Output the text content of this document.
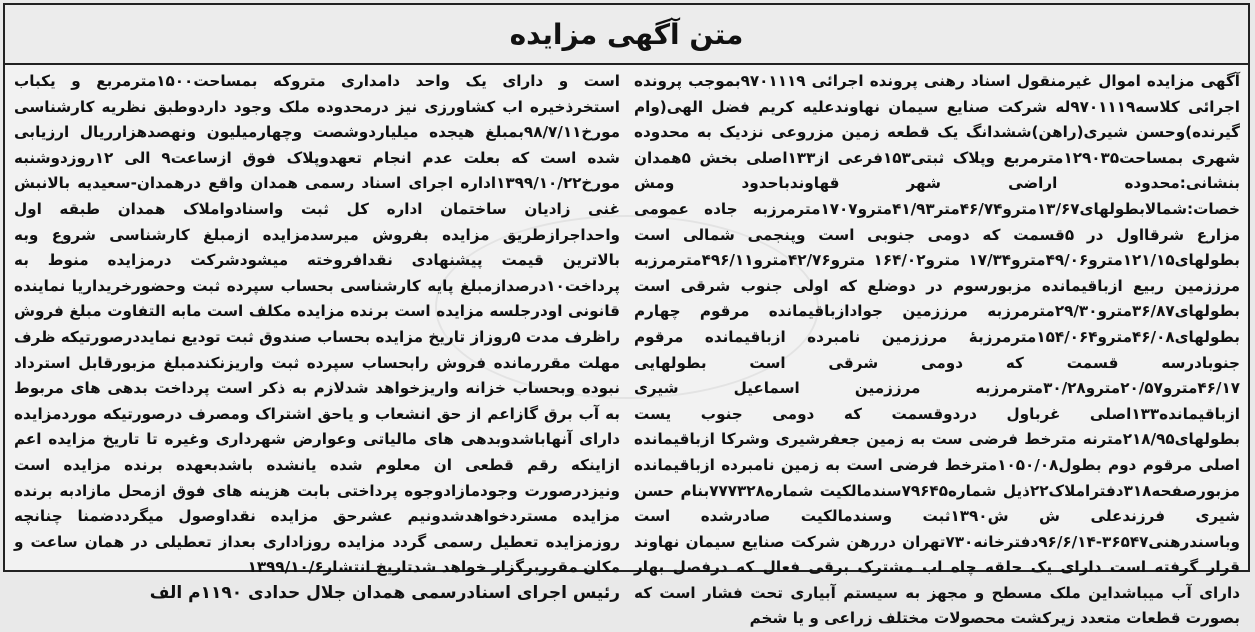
متن آگهی مزایده

آگهی مزایده اموال غیرمنقول اسناد رهنی پرونده اجرائی ۹۷۰۱۱۱۹بموجب پرونده اجرائی کلاسه۹۷۰۱۱۱۹له شرکت صنایع سیمان نهاوندعلیه کریم فضل الهی(وام گیرنده)وحسن شیری(راهن)ششدانگ یک قطعه زمین مزروعی نزدیک به محدوده شهری بمساحت۱۲۹۰۳۵مترمربع وپلاک ثبتی۱۵۳فرعی از۱۳۳اصلی بخش ۵همدان بنشانی:محدوده اراضی شهر قهاوندباحدود ومش خصات:شمالابطولهای۱۳/۶۷مترو۴۶/۷۴متر۴۱/۹۳مترو۱۷۰۷مترمرزبه جاده عمومی مزارع شرقااول در ۵قسمت که دومی جنوبی است وپنجمی شمالی است بطولهای۱۲۱/۱۵مترو۴۹/۰۶مترو۱۷/۳۴ مترو۱۶۴/۰۲ مترو۴۲/۷۶مترو۴۹۶/۱۱مترمرزبه مرززمین ربیع ازباقیمانده مزبورسوم در دوضلع که اولی جنوب شرقی است بطولهای۳۶/۸۷مترو۲۹/۳۰مترمرزبه مرززمین جوادازباقیمانده مرقوم چهارم بطولهای۴۶/۰۸مترو۱۵۴/۰۶۴مترمرزبهٔ مرززمین نامبرده ازباقیمانده مرقوم جنوبادرسه قسمت که دومی شرقی است بطولهایی ۴۶/۱۷مترو۲۰/۵۷مترو۳۰/۲۸مترمرزبه مرززمین اسماعیل شیری ازباقیمانده۱۳۳اصلی غرباول دردوقسمت که دومی جنوب یست بطولهای۲۱۸/۹۵مترنه مترخط فرضی ست به زمین جعفرشیری وشرکا ازباقیمانده اصلی مرقوم دوم بطول۱۰۵۰/۰۸مترخط فرضی است به زمین نامبرده ازباقیمانده مزبورصفحه۳۱۸دفتراملاک۲۲ذیل شماره۷۹۶۴۵سندمالکیت شماره۷۷۷۳۲۸بنام حسن شیری فرزندعلی ش ش۱۳۹۰ثبت وسندمالکیت صادرشده است وباسندرهنی۳۶۵۴۷-۹۶/۶/۱۴دفترخانه۷۳۰تهران دررهن شرکت صنایع سیمان نهاوند قرار گرفته است دارای یک حلقه چاه اب مشترک برقی فعال که درفصل بهار دارای آب میباشداین ملک مسطح و مجهز به سیستم آبیاری تحت فشار است که بصورت قطعات متعدد زیرکشت محصولات مختلف زراعی و یا شخم

است و دارای یک واحد دامداری متروکه بمساحت۱۵۰۰مترمربع و یکباب استخرذخیره اب کشاورزی نیز درمحدوده ملک وجود داردوطبق نظریه کارشناسی مورخ۹۸/۷/۱۱بمبلغ هیجده میلیاردوشصت وچهارمیلیون ونهصدهزارریال ارزیابی شده است که بعلت عدم انجام تعهدوپلاک فوق ازساعت۹ الی ۱۲روزدوشنبه مورخ۱۳۹۹/۱۰/۲۲اداره اجرای اسناد رسمی همدان واقع درهمدان-سعیدیه بالانبش غنی زادیان ساختمان اداره کل ثبت واسنادواملاک همدان طبقه اول واحداجرازطریق مزایده بفروش میرسدمزایده ازمبلغ کارشناسی شروع وبه بالاترین قیمت پیشنهادی نقدافروخته میشودشرکت درمزایده منوط به پرداخت۱۰درصدازمبلغ پایه کارشناسی بحساب سپرده ثبت وحضورخریداریا نماینده قانونی اودرجلسه مزایده است برنده مزایده مکلف است مابه التفاوت مبلغ فروش راظرف مدت ۵روزاز تاریخ مزایده بحساب صندوق ثبت تودیع نمایددرصورتیکه ظرف مهلت مقررمانده فروش رابحساب سپرده ثبت واریزنکندمبلغ مزبورقابل استرداد نبوده وبحساب خزانه واریزخواهد شدلازم به ذکر است پرداخت بدهی های مربوط به آب برق گازاعم از حق انشعاب و یاحق اشتراک ومصرف درصورتیکه موردمزایده دارای آنهاباشدوبدهی های مالیاتی وعوارض شهرداری وغیره تا تاریخ مزایده اعم ازاینکه رقم قطعی ان معلوم شده یانشده باشدبعهده برنده مزایده است ونیزدرصورت وجودمازادوجوه پرداختی بابت هزینه های فوق ازمحل مازادبه برنده مزایده مستردخواهدشدونیم عشرحق مزایده نقداوصول میگرددضمنا چنانچه روزمزایده تعطیل رسمی گردد مزایده روزاداری بعداز تعطیلی در همان ساعت و مکان مقرربرگزار خواهد شدتاریخ انتشار۱۳۹۹/۱۰/۶

رئیس اجرای اسنادرسمی همدان جلال حدادی ۱۱۹۰م الف
